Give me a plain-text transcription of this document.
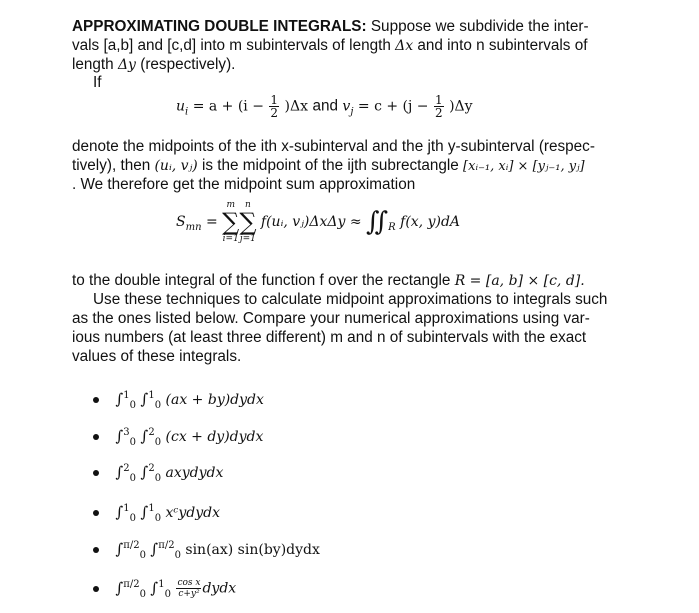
APPROXIMATING DOUBLE INTEGRALS: Suppose we subdivide the inter-
vals [a,b] and [c,d] into m subintervals of length Δx and into n subintervals of
length Δy (respectively).
If
$u_i = a + (i - \frac{1}{2} )\Delta x$ and $v_j = c + (j - \frac{1}{2} )\Delta y$
denote the midpoints of the ith x-subinterval and the jth y-subinterval (respec-
tively), then (uᵢ, vⱼ) is the midpoint of the ijth subrectangle [xᵢ₋₁, xᵢ] × [yⱼ₋₁, yⱼ]
. We therefore get the midpoint sum approximation
$S_{mn}$ =
m
∑
i=1
n
∑
j=1
f(uᵢ, vⱼ)ΔxΔy ≈ $∬_R$ f(x, y)dA
to the double integral of the function f over the rectangle R = [a, b] × [c, d].
Use these techniques to calculate midpoint approximations to integrals such
as the ones listed below. Compare your numerical approximations using var-
ious numbers (at least three different) m and n of subintervals with the exact
values of these integrals.
∫$^1_0$ ∫$^1_0$ (ax + by)dydx
∫$^3_0$ ∫$^2_0$ (cx + dy)dydx
∫$^2_0$ ∫$^2_0$ axydydx
∫$^1_0$ ∫$^1_0$ xᶜydydx
∫$^{\pi/2}_0$ ∫$^{\pi/2}_0$ sin(ax) sin(by)dydx
∫$^{\pi/2}_0$ $\int^1_0 \frac{\text{cos x}}{\text{c+y²}}$ dydx
